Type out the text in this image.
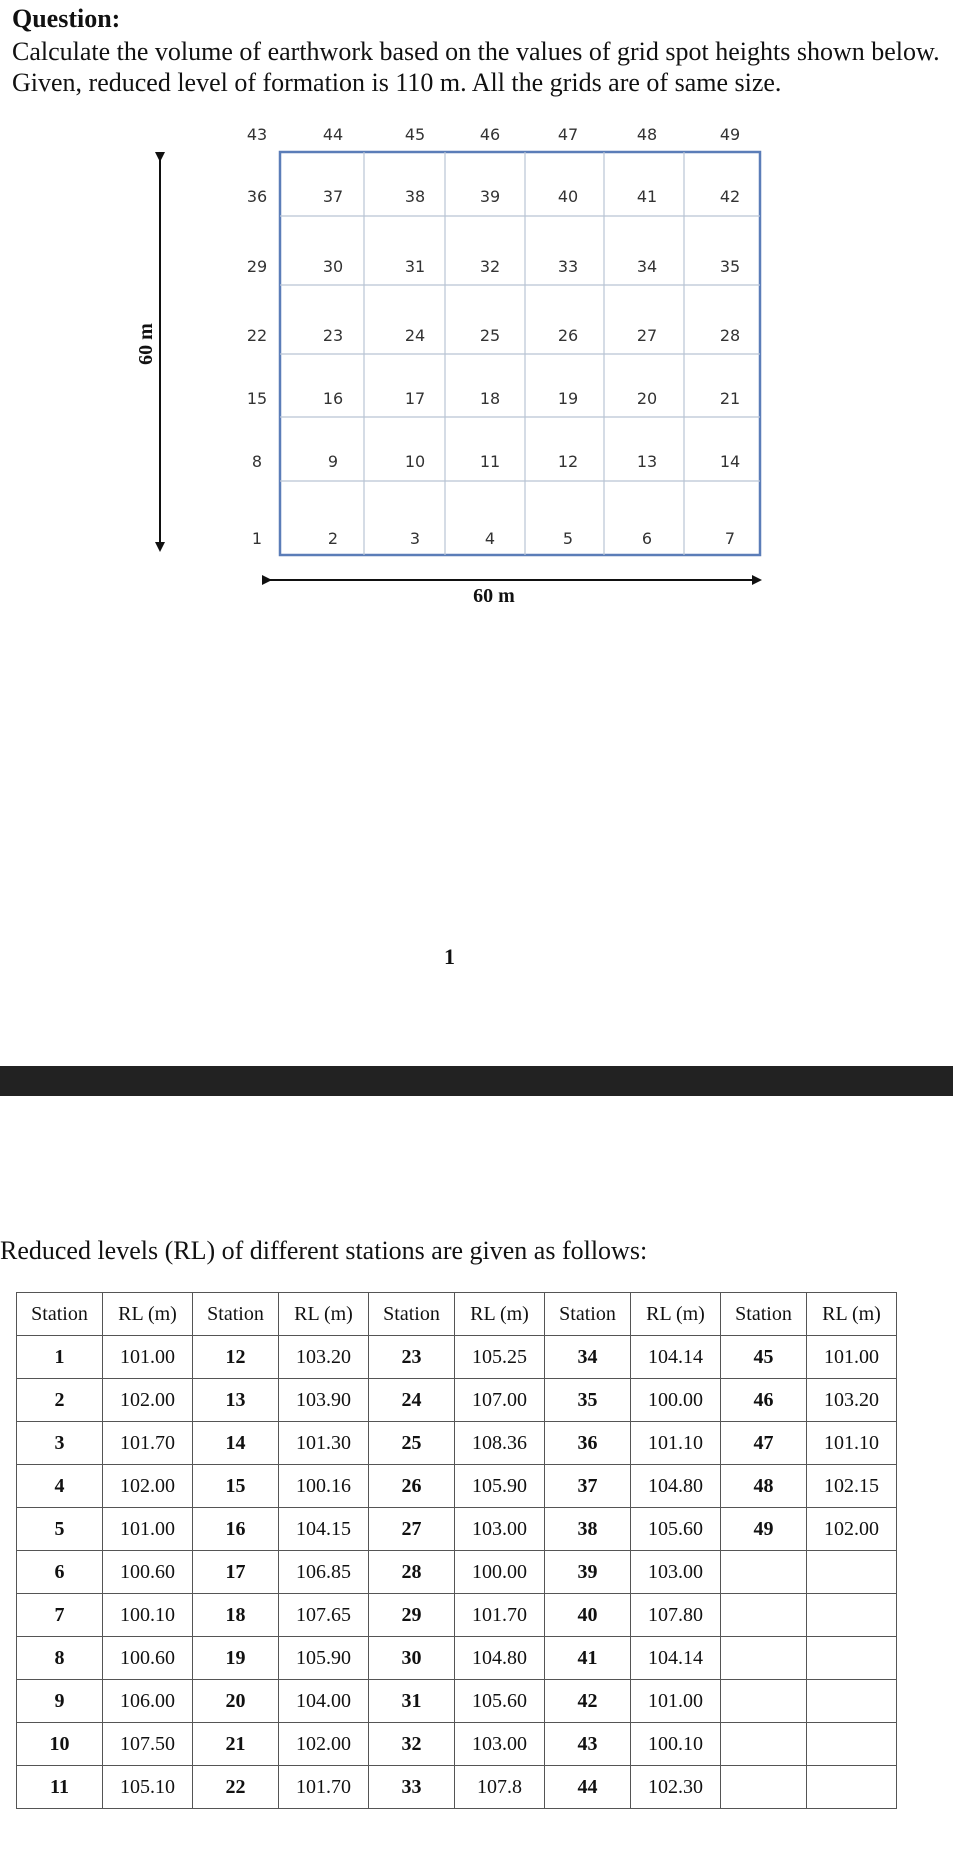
Question:
Calculate the volume of earthwork based on the values of grid spot heights shown below. Given, reduced level of formation is 110 m. All the grids are of same size.
43	44	45	46	47	48	49
36	37	38	39	40	41	42
29	30	31	32	33	34	35
22	23	24	25	26	27	28
15	16	17	18	19	20	21
8	9	10	11	12	13	14
1	2	3	4	5	6	7
60 m
60 m
1
Reduced levels (RL) of different stations are given as follows:
Station	RL (m)	Station	RL (m)	Station	RL (m)	Station	RL (m)	Station	RL (m)
1	101.00	12	103.20	23	105.25	34	104.14	45	101.00
2	102.00	13	103.90	24	107.00	35	100.00	46	103.20
3	101.70	14	101.30	25	108.36	36	101.10	47	101.10
4	102.00	15	100.16	26	105.90	37	104.80	48	102.15
5	101.00	16	104.15	27	103.00	38	105.60	49	102.00
6	100.60	17	106.85	28	100.00	39	103.00		
7	100.10	18	107.65	29	101.70	40	107.80		
8	100.60	19	105.90	30	104.80	41	104.14		
9	106.00	20	104.00	31	105.60	42	101.00		
10	107.50	21	102.00	32	103.00	43	100.10		
11	105.10	22	101.70	33	107.8	44	102.30		
